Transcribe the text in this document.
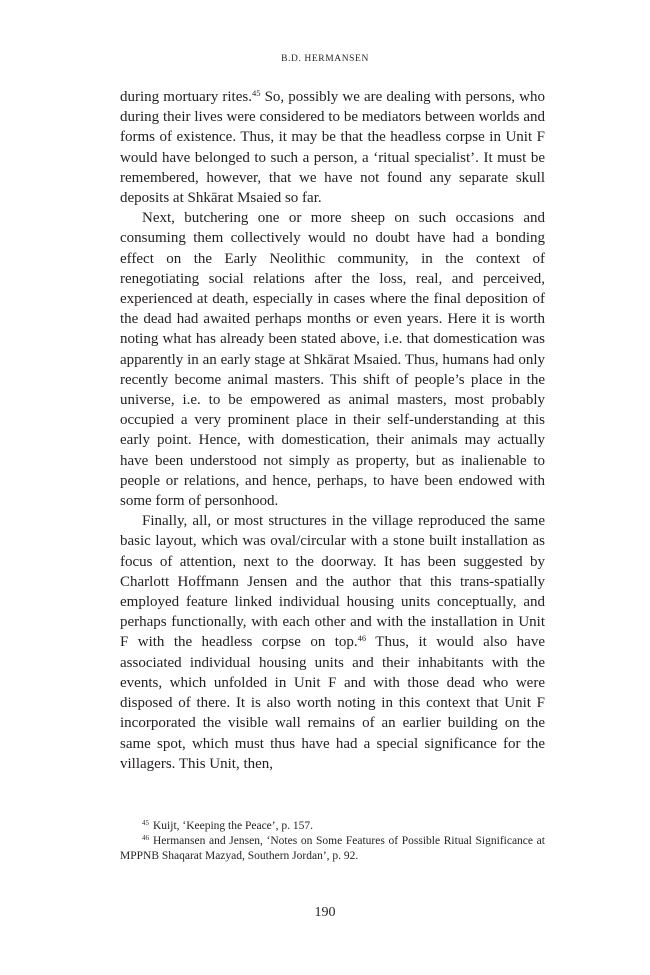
B.D. HERMANSEN

during mortuary rites.$^{45}$ So, possibly we are dealing with persons, who during their lives were considered to be mediators between worlds and forms of existence. Thus, it may be that the headless corpse in Unit F would have belonged to such a person, a ‘ritual specialist’. It must be remembered, however, that we have not found any separate skull deposits at Shkārat Msaied so far.

Next, butchering one or more sheep on such occasions and consuming them collectively would no doubt have had a bonding effect on the Early Neolithic community, in the context of renegotiating social relations after the loss, real, and perceived, experienced at death, especially in cases where the final deposition of the dead had awaited perhaps months or even years. Here it is worth noting what has already been stated above, i.e. that domestication was apparently in an early stage at Shkārat Msaied. Thus, humans had only recently become animal masters. This shift of people’s place in the universe, i.e. to be empowered as animal masters, most probably occupied a very prominent place in their self-understanding at this early point. Hence, with domestication, their animals may actually have been understood not simply as property, but as inalienable to people or relations, and hence, perhaps, to have been endowed with some form of personhood.

Finally, all, or most structures in the village reproduced the same basic layout, which was oval/circular with a stone built installation as focus of attention, next to the doorway. It has been suggested by Charlott Hoffmann Jensen and the author that this trans-spatially employed feature linked individual housing units conceptually, and perhaps functionally, with each other and with the installation in Unit F with the headless corpse on top.$^{46}$ Thus, it would also have associated individual housing units and their inhabitants with the events, which unfolded in Unit F and with those dead who were disposed of there. It is also worth noting in this context that Unit F incorporated the visible wall remains of an earlier building on the same spot, which must thus have had a special significance for the villagers. This Unit, then,

$^{45}$ Kuijt, ‘Keeping the Peace’, p. 157.

$^{46}$ Hermansen and Jensen, ‘Notes on Some Features of Possible Ritual Significance at MPPNB Shaqarat Mazyad, Southern Jordan’, p. 92.

190
